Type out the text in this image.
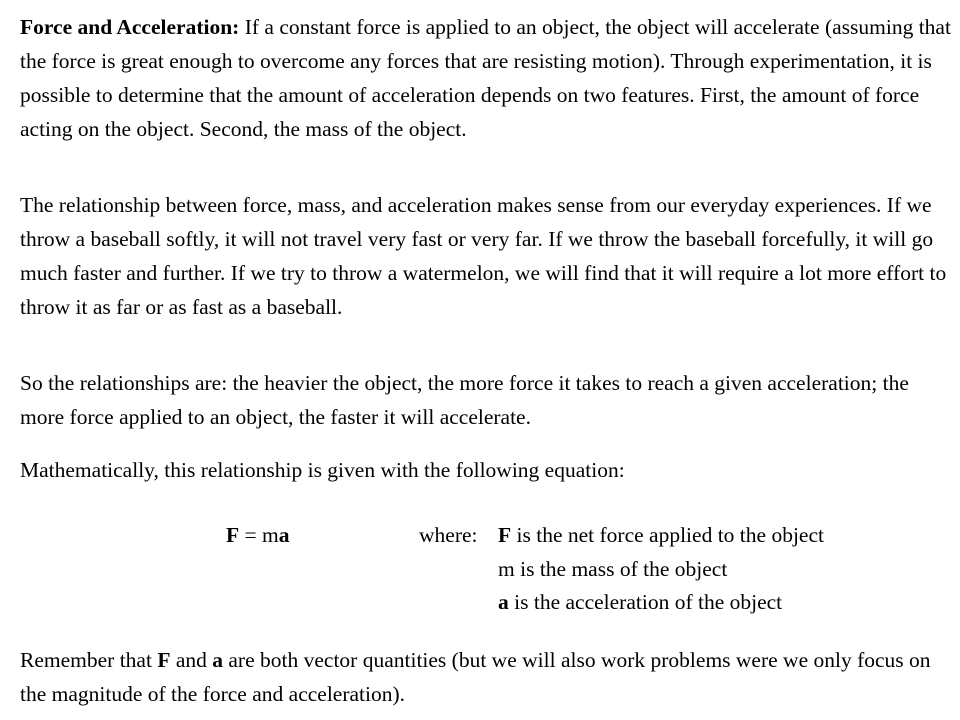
Force and Acceleration: If a constant force is applied to an object, the object will accelerate (assuming that the force is great enough to overcome any forces that are resisting motion). Through experimentation, it is possible to determine that the amount of acceleration depends on two features. First, the amount of force acting on the object. Second, the mass of the object.

The relationship between force, mass, and acceleration makes sense from our everyday experiences. If we throw a baseball softly, it will not travel very fast or very far. If we throw the baseball forcefully, it will go much faster and further. If we try to throw a watermelon, we will find that it will require a lot more effort to throw it as far or as fast as a baseball.

So the relationships are: the heavier the object, the more force it takes to reach a given acceleration; the more force applied to an object, the faster it will accelerate.

Mathematically, this relationship is given with the following equation:

F = ma	where: F is the net force applied to the object
m is the mass of the object
a is the acceleration of the object

Remember that F and a are both vector quantities (but we will also work problems were we only focus on the magnitude of the force and acceleration).
